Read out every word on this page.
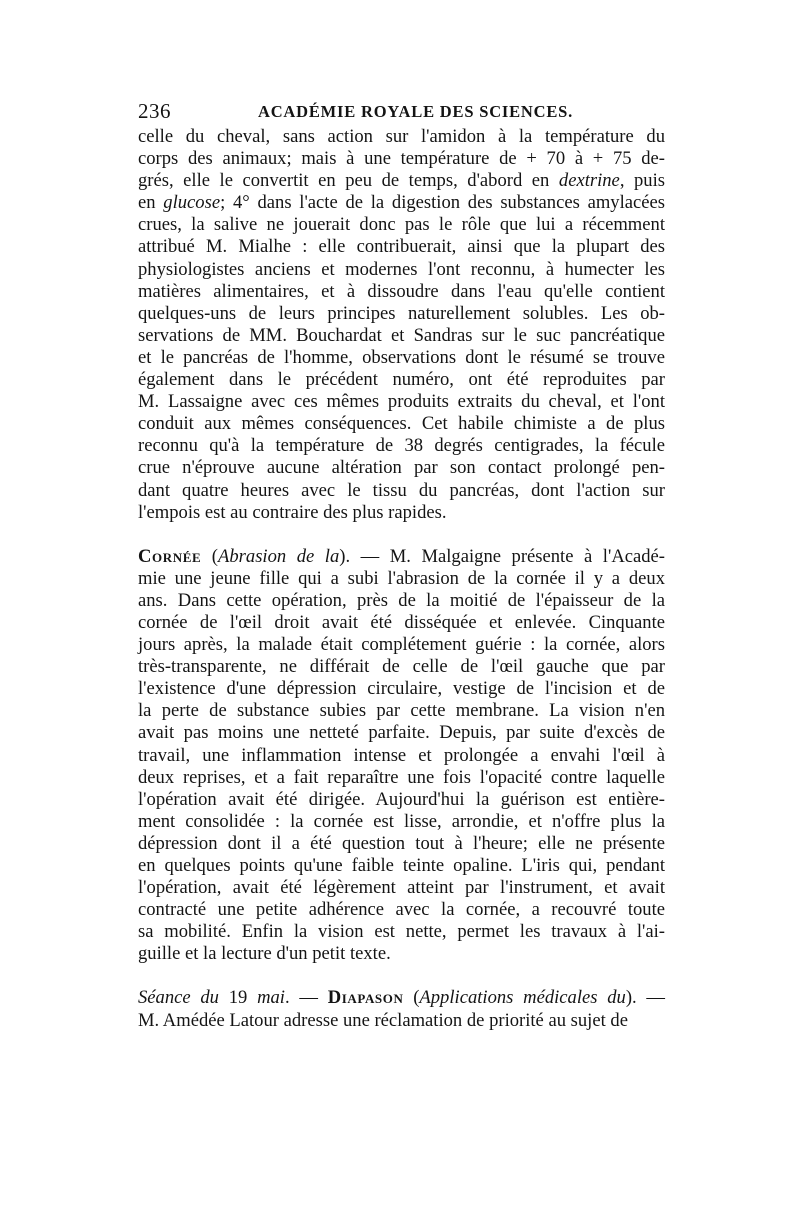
236	ACADÉMIE ROYALE DES SCIENCES.
celle du cheval, sans action sur l'amidon à la température du
corps des animaux; mais à une température de + 70 à + 75 de-
grés, elle le convertit en peu de temps, d'abord en dextrine, puis
en glucose; 4° dans l'acte de la digestion des substances amylacées
crues, la salive ne jouerait donc pas le rôle que lui a récemment
attribué M. Mialhe : elle contribuerait, ainsi que la plupart des
physiologistes anciens et modernes l'ont reconnu, à humecter les
matières alimentaires, et à dissoudre dans l'eau qu'elle contient
quelques-uns de leurs principes naturellement solubles. Les ob-
servations de MM. Bouchardat et Sandras sur le suc pancréatique
et le pancréas de l'homme, observations dont le résumé se trouve
également dans le précédent numéro, ont été reproduites par
M. Lassaigne avec ces mêmes produits extraits du cheval, et l'ont
conduit aux mêmes conséquences. Cet habile chimiste a de plus
reconnu qu'à la température de 38 degrés centigrades, la fécule
crue n'éprouve aucune altération par son contact prolongé pen-
dant quatre heures avec le tissu du pancréas, dont l'action sur
l'empois est au contraire des plus rapides.
Cornée (Abrasion de la). — M. Malgaigne présente à l'Acadé-
mie une jeune fille qui a subi l'abrasion de la cornée il y a deux
ans. Dans cette opération, près de la moitié de l'épaisseur de la
cornée de l'œil droit avait été disséquée et enlevée. Cinquante
jours après, la malade était complétement guérie : la cornée, alors
très-transparente, ne différait de celle de l'œil gauche que par
l'existence d'une dépression circulaire, vestige de l'incision et de
la perte de substance subies par cette membrane. La vision n'en
avait pas moins une netteté parfaite. Depuis, par suite d'excès de
travail, une inflammation intense et prolongée a envahi l'œil à
deux reprises, et a fait reparaître une fois l'opacité contre laquelle
l'opération avait été dirigée. Aujourd'hui la guérison est entière-
ment consolidée : la cornée est lisse, arrondie, et n'offre plus la
dépression dont il a été question tout à l'heure; elle ne présente
en quelques points qu'une faible teinte opaline. L'iris qui, pendant
l'opération, avait été légèrement atteint par l'instrument, et avait
contracté une petite adhérence avec la cornée, a recouvré toute
sa mobilité. Enfin la vision est nette, permet les travaux à l'ai-
guille et la lecture d'un petit texte.
Séance du 19 mai. — Diapason (Applications médicales du). —
M. Amédée Latour adresse une réclamation de priorité au sujet de
